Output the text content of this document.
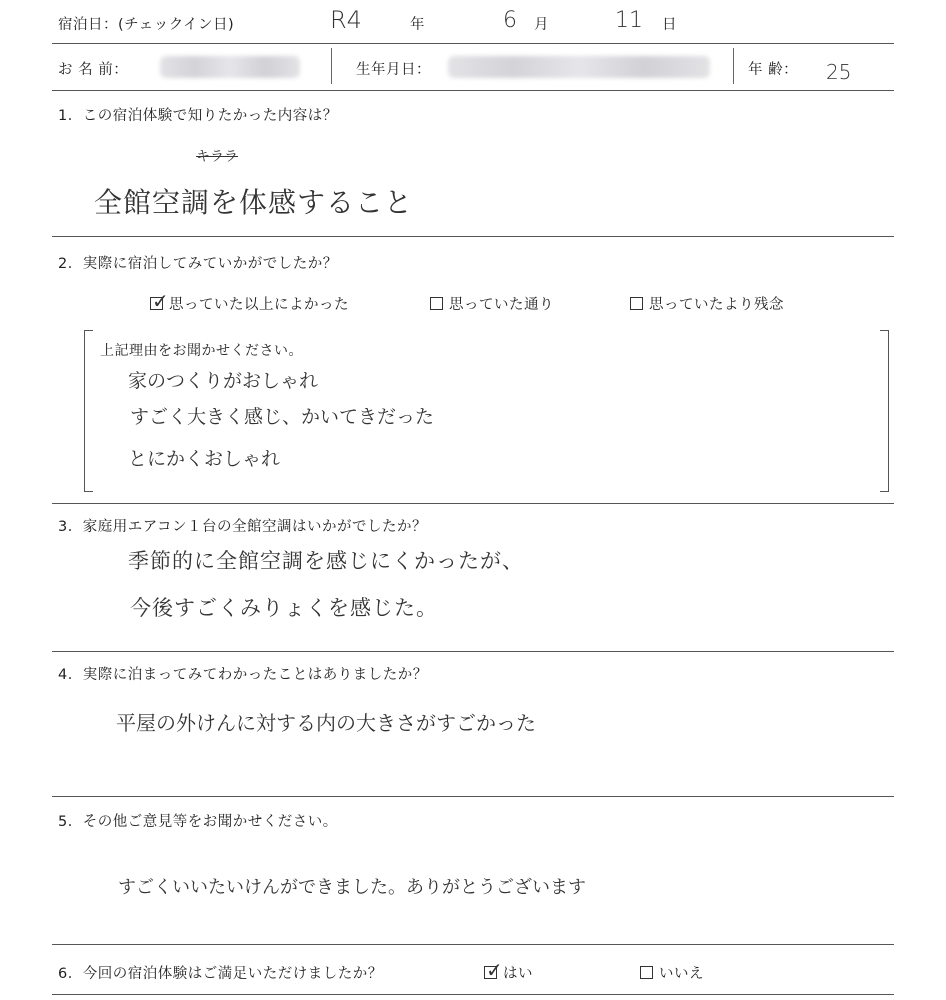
宿泊日：(チェックイン日)	R4	年	6 月	11 日
お 名 前：	生年月日：	年 齢： 25
1．この宿泊体験で知りたかった内容は？
キララ
全館空調を体感すること
2．実際に宿泊してみていかがでしたか？
✓ 思っていた以上によかった	思っていた通り	思っていたより残念
上記理由をお聞かせください。
家のつくりがおしゃれ
すごく大きく感じ、かいてきだった
とにかくおしゃれ
3．家庭用エアコン１台の全館空調はいかがでしたか？
季節的に全館空調を感じにくかったが、
今後すごくみりょくを感じた。
4．実際に泊まってみてわかったことはありましたか？
平屋の外けんに対する内の大きさがすごかった
5．その他ご意見等をお聞かせください。
すごくいいたいけんができました。ありがとうございます
6．今回の宿泊体験はご満足いただけましたか？	✓ はい	いいえ
